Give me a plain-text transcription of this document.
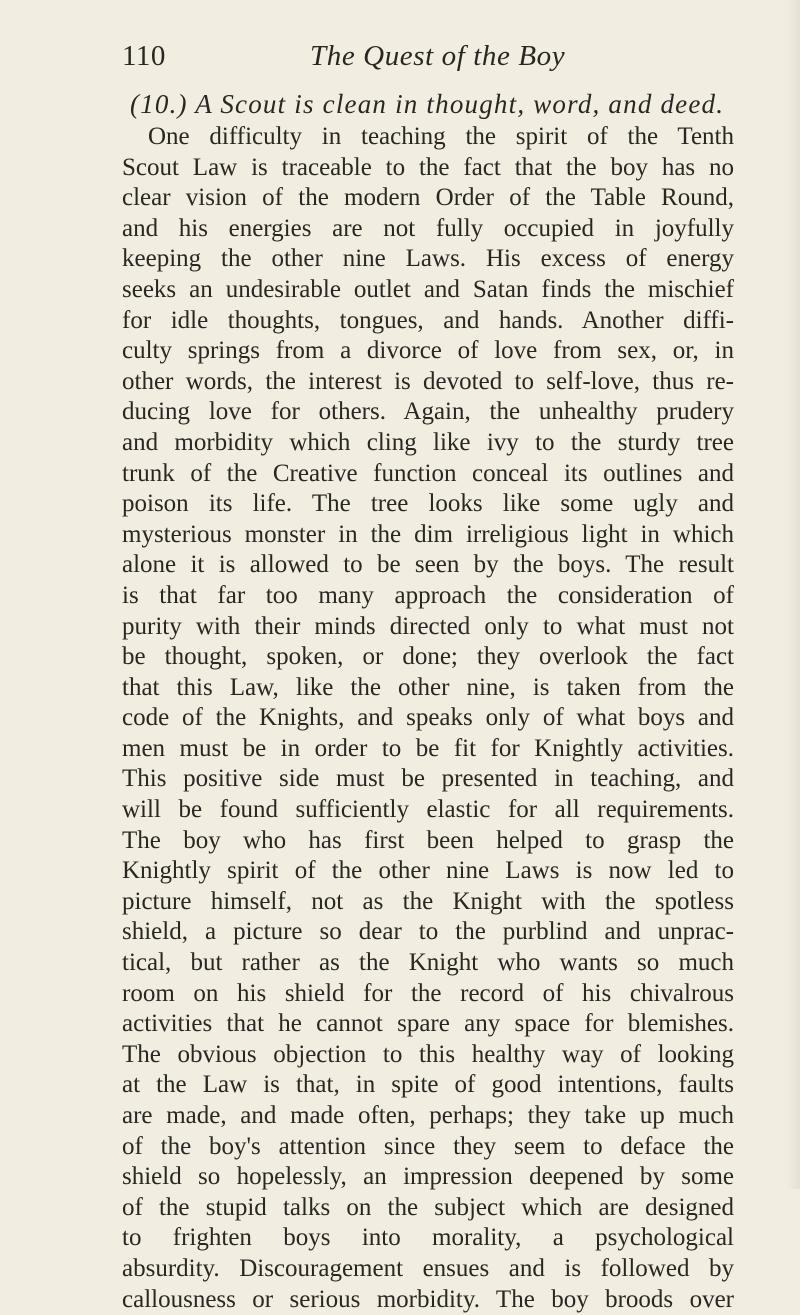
110	The Quest of the Boy
(10.) A Scout is clean in thought, word, and deed.
One difficulty in teaching the spirit of the Tenth
Scout Law is traceable to the fact that the boy has no
clear vision of the modern Order of the Table Round,
and his energies are not fully occupied in joyfully
keeping the other nine Laws. His excess of energy
seeks an undesirable outlet and Satan finds the mischief
for idle thoughts, tongues, and hands. Another diffi-
culty springs from a divorce of love from sex, or, in
other words, the interest is devoted to self-love, thus re-
ducing love for others. Again, the unhealthy prudery
and morbidity which cling like ivy to the sturdy tree
trunk of the Creative function conceal its outlines and
poison its life. The tree looks like some ugly and
mysterious monster in the dim irreligious light in which
alone it is allowed to be seen by the boys. The result
is that far too many approach the consideration of
purity with their minds directed only to what must not
be thought, spoken, or done; they overlook the fact
that this Law, like the other nine, is taken from the
code of the Knights, and speaks only of what boys and
men must be in order to be fit for Knightly activities.
This positive side must be presented in teaching, and
will be found sufficiently elastic for all requirements.
The boy who has first been helped to grasp the
Knightly spirit of the other nine Laws is now led to
picture himself, not as the Knight with the spotless
shield, a picture so dear to the purblind and unprac-
tical, but rather as the Knight who wants so much
room on his shield for the record of his chivalrous
activities that he cannot spare any space for blemishes.
The obvious objection to this healthy way of looking
at the Law is that, in spite of good intentions, faults
are made, and made often, perhaps; they take up much
of the boy's attention since they seem to deface the
shield so hopelessly, an impression deepened by some
of the stupid talks on the subject which are designed
to frighten boys into morality, a psychological
absurdity. Discouragement ensues and is followed by
callousness or serious morbidity. The boy broods over
